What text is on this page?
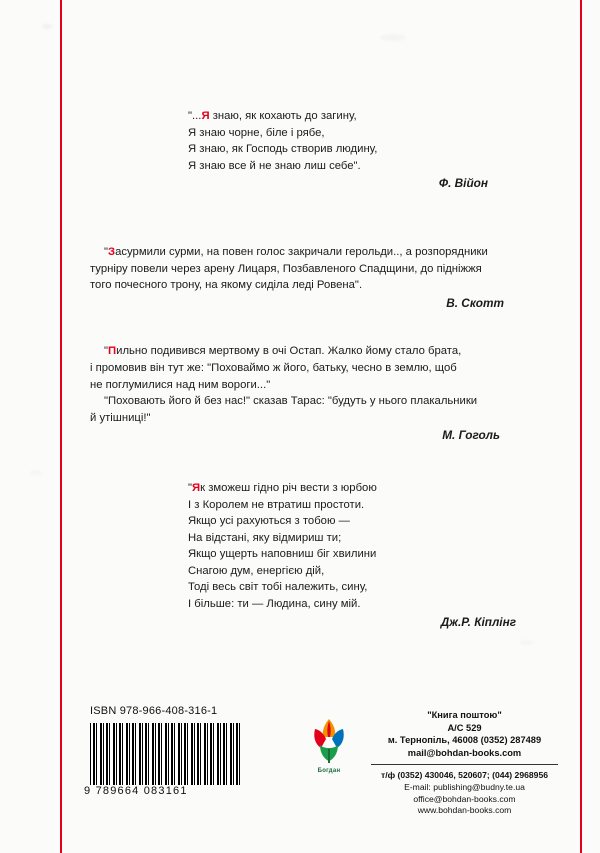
"...Я знаю, як кохають до загину,

Я знаю чорне, біле і рябе,

Я знаю, як Господь створив людину,

Я знаю все й не знаю лиш себе".

Ф. Війон

"Засурмили сурми, на повен голос закричали герольди.., а розпорядники

турніру повели через арену Лицаря, Позбавленого Спадщини, до підніжжя

того почесного трону, на якому сиділа леді Ровена".

В. Скотт

"Пильно подивився мертвому в очі Остап. Жалко йому стало брата,

і промовив він тут же: "Поховаймо ж його, батьку, чесно в землю, щоб

не поглумилися над ним вороги..."

"Поховають його й без нас!" сказав Тарас: "будуть у нього плакальники

й утішниці!"

М. Гоголь

"Як зможеш гідно річ вести з юрбою

І з Королем не втратиш простоти.

Якщо усі рахуються з тобою —

На відстані, яку відмириш ти;

Якщо ущерть наповниш біг хвилини

Снагою дум, енергією дій,

Тоді весь світ тобі належить, сину,

І більше: ти — Людина, сину мій.

Дж.Р. Кіплінг
ISBN 978-966-408-316-1
9 789664 083161
Богдан
"Книга поштою"
А/С 529
м. Тернопіль, 46008 (0352) 287489
mail@bohdan-books.com
т/ф (0352) 430046, 520607; (044) 2968956
E-mail: publishing@budny.te.ua
office@bohdan-books.com
www.bohdan-books.com
